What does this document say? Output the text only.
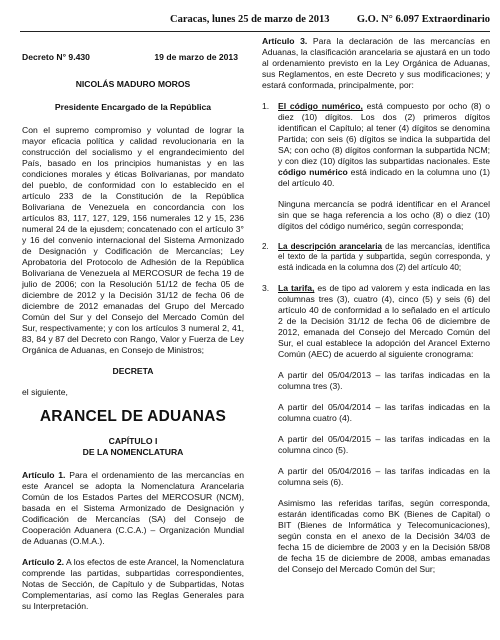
Caracas, lunes 25 de marzo de 2013	G.O. N° 6.097 Extraordinario
Decreto N° 9.430	19 de marzo de 2013

NICOLÁS MADURO MOROS

Presidente Encargado de la República

Con el supremo compromiso y voluntad de lograr la mayor eficacia política y calidad revolucionaria en la construcción del socialismo y el engrandecimiento del País, basado en los principios humanistas y en las condiciones morales y éticas Bolivarianas, por mandato del pueblo, de conformidad con lo establecido en el artículo 233 de la Constitución de la República Bolivariana de Venezuela en concordancia con los artículos 83, 117, 127, 129, 156 numerales 12 y 15, 236 numeral 24 de la ejusdem; concatenado con el artículo 3° y 16 del convenio internacional del Sistema Armonizado de Designación y Codificación de Mercancías; Ley Aprobatoria del Protocolo de Adhesión de la República Bolivariana de Venezuela al MERCOSUR de fecha 19 de julio de 2006; con la Resolución 51/12 de fecha 05 de diciembre de 2012 y la Decisión 31/12 de fecha 06 de diciembre de 2012 emanadas del Grupo del Mercado Común del Sur y del Consejo del Mercado Común del Sur, respectivamente; y con los artículos 3 numeral 2, 41, 83, 84 y 87 del Decreto con Rango, Valor y Fuerza de Ley Orgánica de Aduanas, en Consejo de Ministros;

DECRETA

el siguiente,

ARANCEL DE ADUANAS
CAPÍTULO I
DE LA NOMENCLATURA

Artículo 1. Para el ordenamiento de las mercancías en este Arancel se adopta la Nomenclatura Arancelaria Común de los Estados Partes del MERCOSUR (NCM), basada en el Sistema Armonizado de Designación y Codificación de Mercancías (SA) del Consejo de Cooperación Aduanera (C.C.A.) – Organización Mundial de Aduanas (O.M.A.).

Artículo 2. A los efectos de este Arancel, la Nomenclatura comprende las partidas, subpartidas correspondientes, Notas de Sección, de Capítulo y de Subpartidas, Notas Complementarias, así como las Reglas Generales para su Interpretación.

Artículo 3. Para la declaración de las mercancías en Aduanas, la clasificación arancelaria se ajustará en un todo al ordenamiento previsto en la Ley Orgánica de Aduanas, sus Reglamentos, en este Decreto y sus modificaciones; y estará conformada, principalmente, por:

1. El código numérico, está compuesto por ocho (8) o diez (10) dígitos. Los dos (2) primeros dígitos identifican el Capítulo; al tener (4) dígitos se denomina Partida; con seis (6) dígitos se indica la subpartida del SA; con ocho (8) dígitos conforman la subpartida NCM; y con diez (10) dígitos las subpartidas nacionales. Este código numérico está indicado en la columna uno (1) del artículo 40.

Ninguna mercancía se podrá identificar en el Arancel sin que se haga referencia a los ocho (8) o diez (10) dígitos del código numérico, según corresponda;

2. La descripción arancelaria de las mercancías, identifica el texto de la partida y subpartida, según corresponda, y está indicada en la columna dos (2) del artículo 40;
3. La tarifa, es de tipo ad valorem y esta indicada en las columnas tres (3), cuatro (4), cinco (5) y seis (6) del artículo 40 de conformidad a lo señalado en el artículo 2 de la Decisión 31/12 de fecha 06 de diciembre de 2012, emanada del Consejo del Mercado Común del Sur, el cual establece la adopción del Arancel Externo Común (AEC) de acuerdo al siguiente cronograma:

A partir del 05/04/2013 – las tarifas indicadas en la columna tres (3).

A partir del 05/04/2014 – las tarifas indicadas en la columna cuatro (4).

A partir del 05/04/2015 – las tarifas indicadas en la columna cinco (5).

A partir del 05/04/2016 – las tarifas indicadas en la columna seis (6).

Asimismo las referidas tarifas, según corresponda, estarán identificadas como BK (Bienes de Capital) o BIT (Bienes de Informática y Telecomunicaciones), según consta en el anexo de la Decisión 34/03 de fecha 15 de diciembre de 2003 y en la Decisión 58/08 de fecha 15 de diciembre de 2008, ambas emanadas del Consejo del Mercado Común del Sur;
